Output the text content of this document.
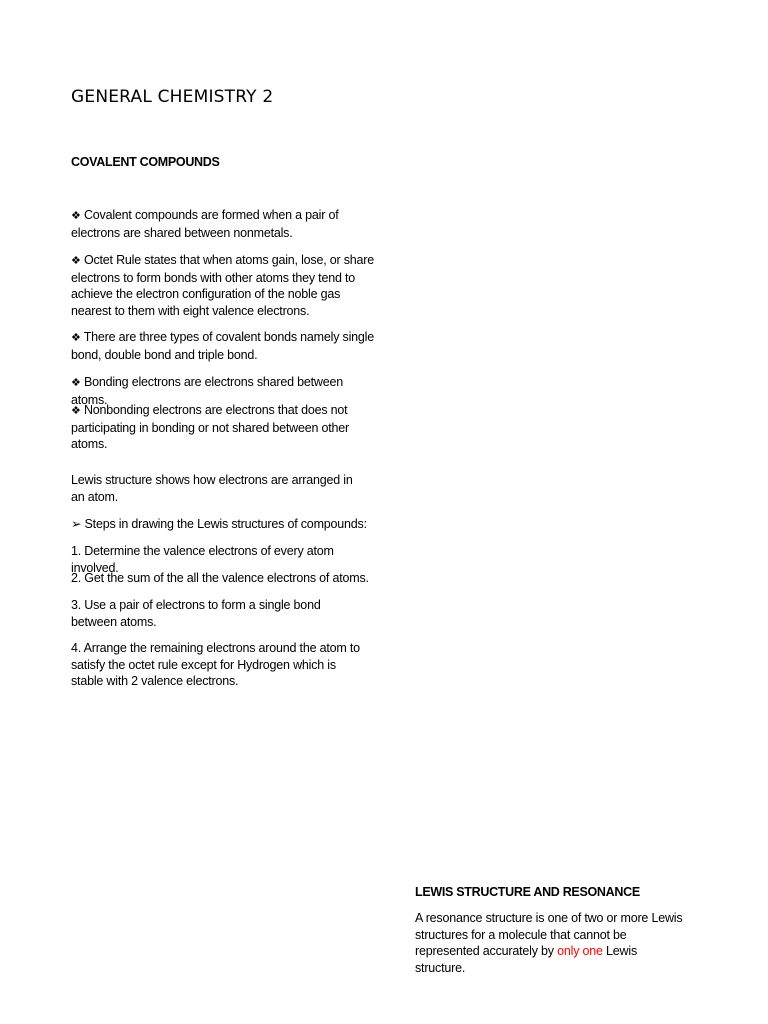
GENERAL CHEMISTRY 2
COVALENT COMPOUNDS

❖ Covalent compounds are formed when a pair of electrons are shared between nonmetals.

❖ Octet Rule states that when atoms gain, lose, or share electrons to form bonds with other atoms they tend to achieve the electron configuration of the noble gas nearest to them with eight valence electrons.

❖ There are three types of covalent bonds namely single bond, double bond and triple bond.

❖ Bonding electrons are electrons shared between atoms.

❖ Nonbonding electrons are electrons that does not participating in bonding or not shared between other atoms.

Lewis structure shows how electrons are arranged in an atom.

➢ Steps in drawing the Lewis structures of compounds:

1. Determine the valence electrons of every atom involved.

2. Get the sum of the all the valence electrons of atoms.

3. Use a pair of electrons to form a single bond between atoms.

4. Arrange the remaining electrons around the atom to satisfy the octet rule except for Hydrogen which is stable with 2 valence electrons.

LEWIS STRUCTURE AND RESONANCE

A resonance structure is one of two or more Lewis structures for a molecule that cannot be represented accurately by only one Lewis structure.
